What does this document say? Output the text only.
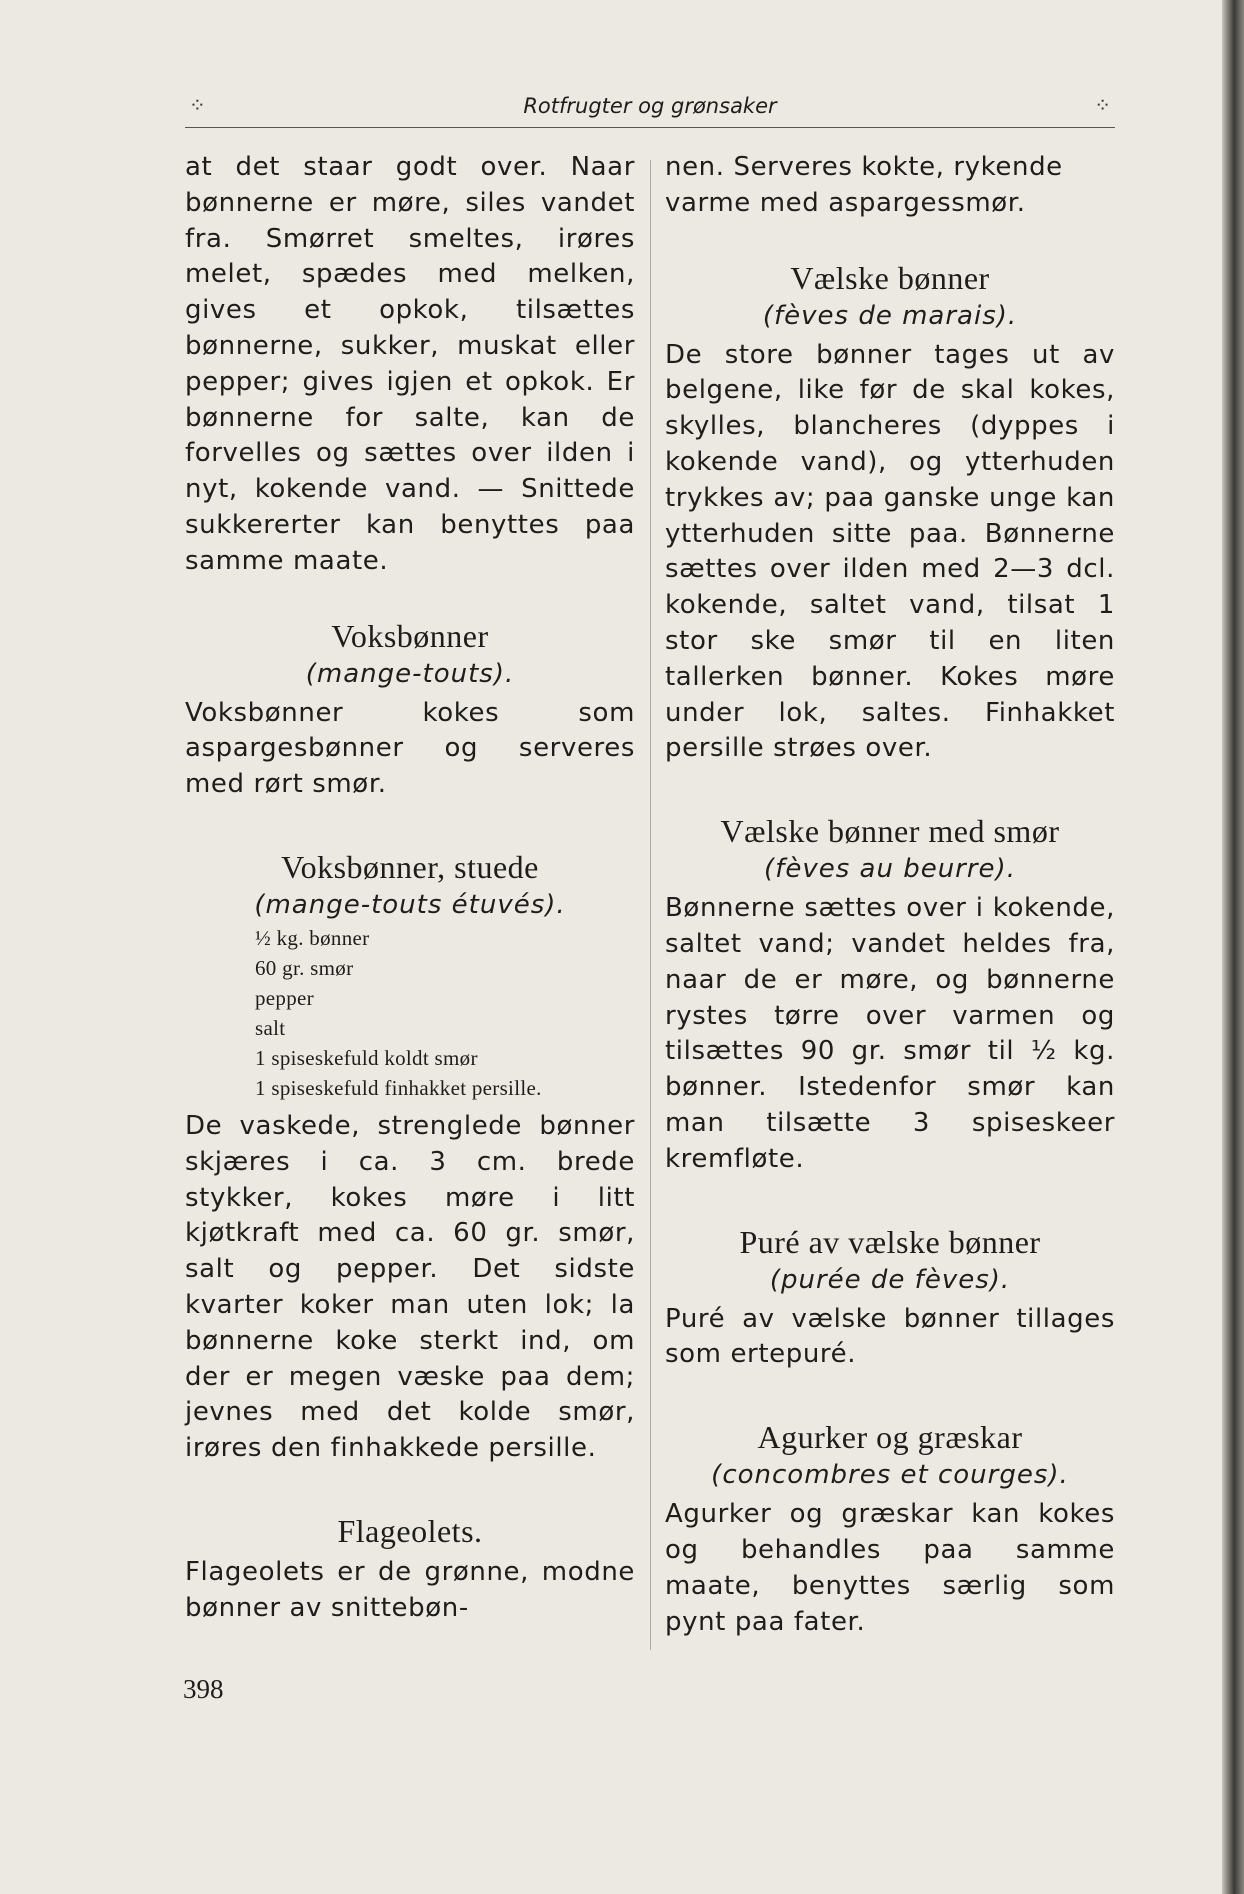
⁘	Rotfrugter og grønsaker	⁘

at det staar godt over. Naar bønnerne er møre, siles vandet fra. Smørret smeltes, irøres melet, spædes med melken, gives et opkok, tilsættes bønnerne, sukker, muskat eller pepper; gives igjen et opkok. Er bønnerne for salte, kan de forvelles og sættes over ilden i nyt, kokende vand. — Snittede sukkererter kan benyttes paa samme maate.

Voksbønner
(mange-touts).

Voksbønner kokes som aspargesbønner og serveres med rørt smør.

Voksbønner, stuede
(mange-touts étuvés).
½ kg. bønner
60 gr. smør
pepper
salt
1 spiseskefuld koldt smør
1 spiseskefuld finhakket persille.

De vaskede, strenglede bønner skjæres i ca. 3 cm. brede stykker, kokes møre i litt kjøtkraft med ca. 60 gr. smør, salt og pepper. Det sidste kvarter koker man uten lok; la bønnerne koke sterkt ind, om der er megen væske paa dem; jevnes med det kolde smør, irøres den finhakkede persille.

Flageolets.

Flageolets er de grønne, modne bønner av snittebøn-

nen. Serveres kokte, rykende varme med aspargessmør.

Vælske bønner
(fèves de marais).

De store bønner tages ut av belgene, like før de skal kokes, skylles, blancheres (dyppes i kokende vand), og ytterhuden trykkes av; paa ganske unge kan ytterhuden sitte paa. Bønnerne sættes over ilden med 2—3 dcl. kokende, saltet vand, tilsat 1 stor ske smør til en liten tallerken bønner. Kokes møre under lok, saltes. Finhakket persille strøes over.

Vælske bønner med smør
(fèves au beurre).

Bønnerne sættes over i kokende, saltet vand; vandet heldes fra, naar de er møre, og bønnerne rystes tørre over varmen og tilsættes 90 gr. smør til ½ kg. bønner. Istedenfor smør kan man tilsætte 3 spiseskeer kremfløte.

Puré av vælske bønner
(purée de fèves).

Puré av vælske bønner tillages som ertepuré.

Agurker og græskar
(concombres et courges).

Agurker og græskar kan kokes og behandles paa samme maate, benyttes særlig som pynt paa fater.

398
